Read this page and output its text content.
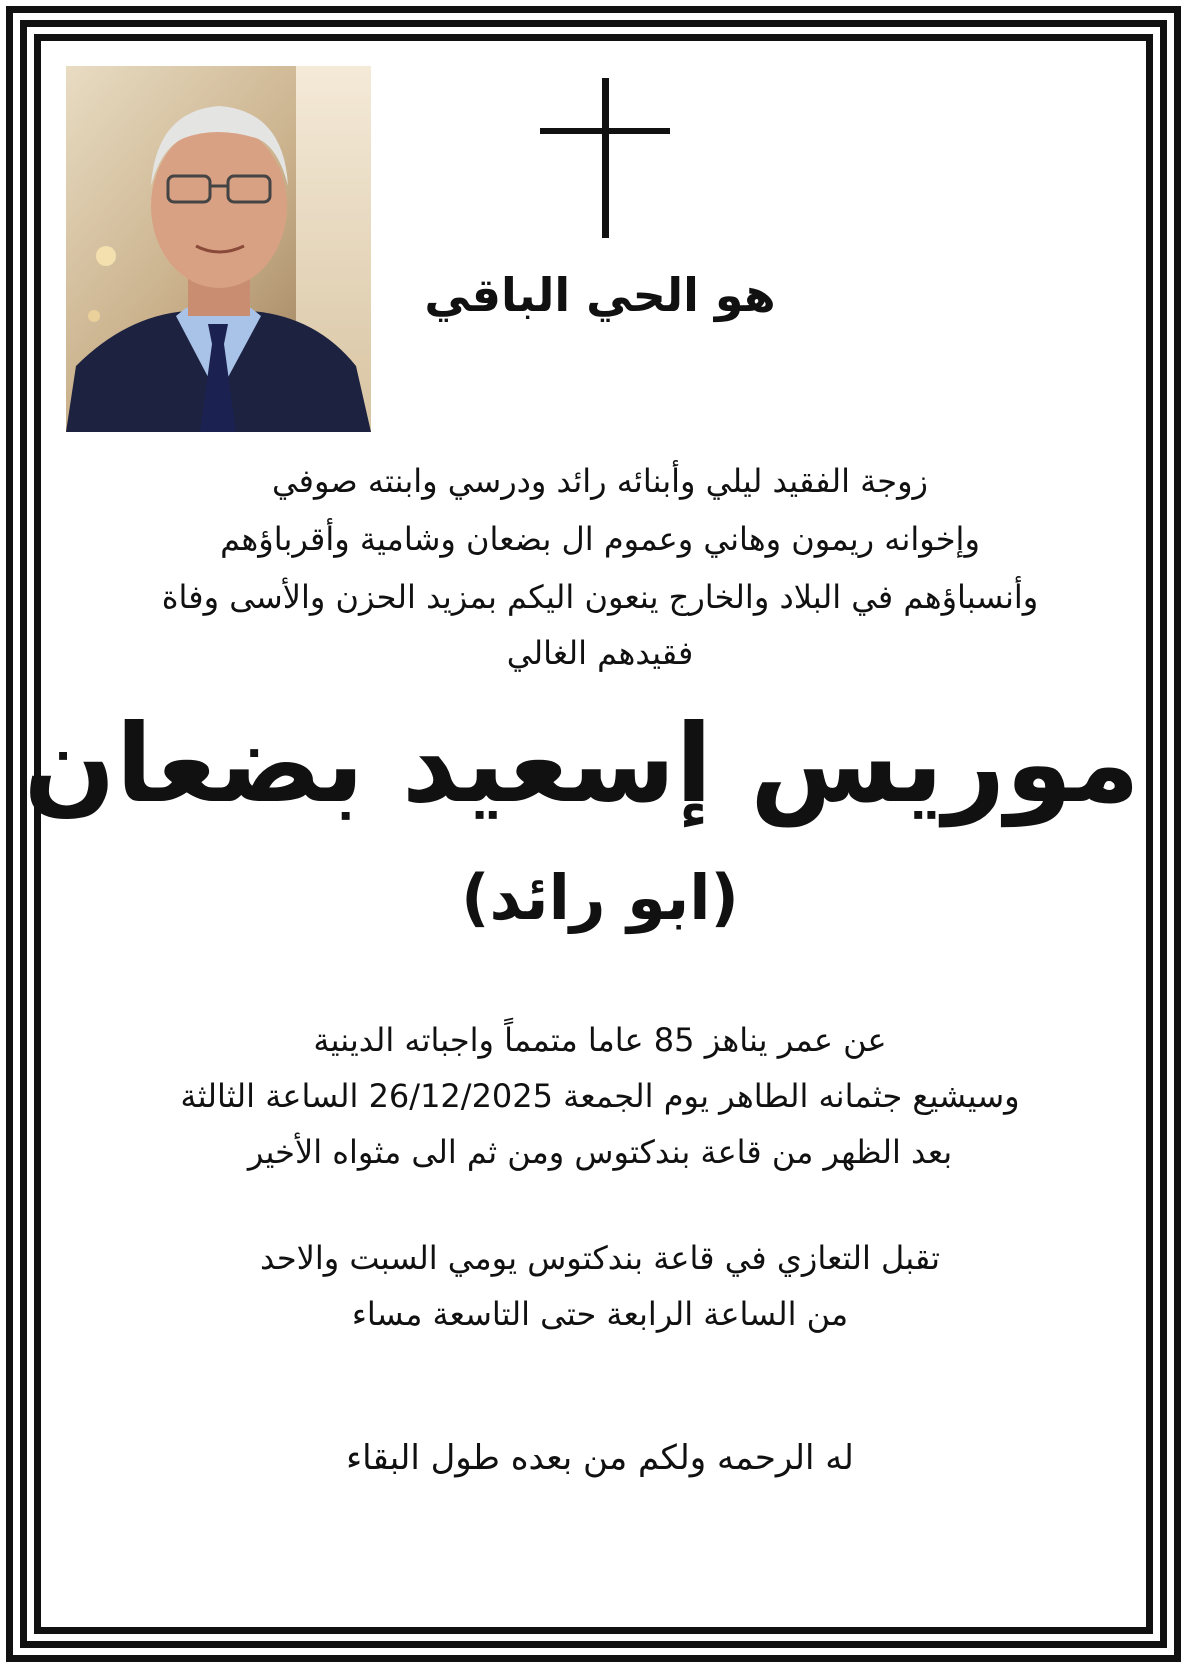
هو الحي الباقي
زوجة الفقيد ليلي وأبنائه رائد ودرسي وابنته صوفي
وإخوانه ريمون وهاني وعموم ال بضعان وشامية وأقرباؤهم
وأنسباؤهم في البلاد والخارج ينعون اليكم بمزيد الحزن والأسى وفاة
فقيدهم الغالي
موريس إسعيد بضعان
(ابو رائد)
عن عمر يناهز 85 عاما متمماً واجباته الدينية
وسيشيع جثمانه الطاهر يوم الجمعة 26/12/2025 الساعة الثالثة
بعد الظهر من قاعة بندكتوس ومن ثم الى مثواه الأخير
تقبل التعازي في قاعة بندكتوس يومي السبت والاحد
من الساعة الرابعة حتى التاسعة مساء
له الرحمه ولكم من بعده طول البقاء
